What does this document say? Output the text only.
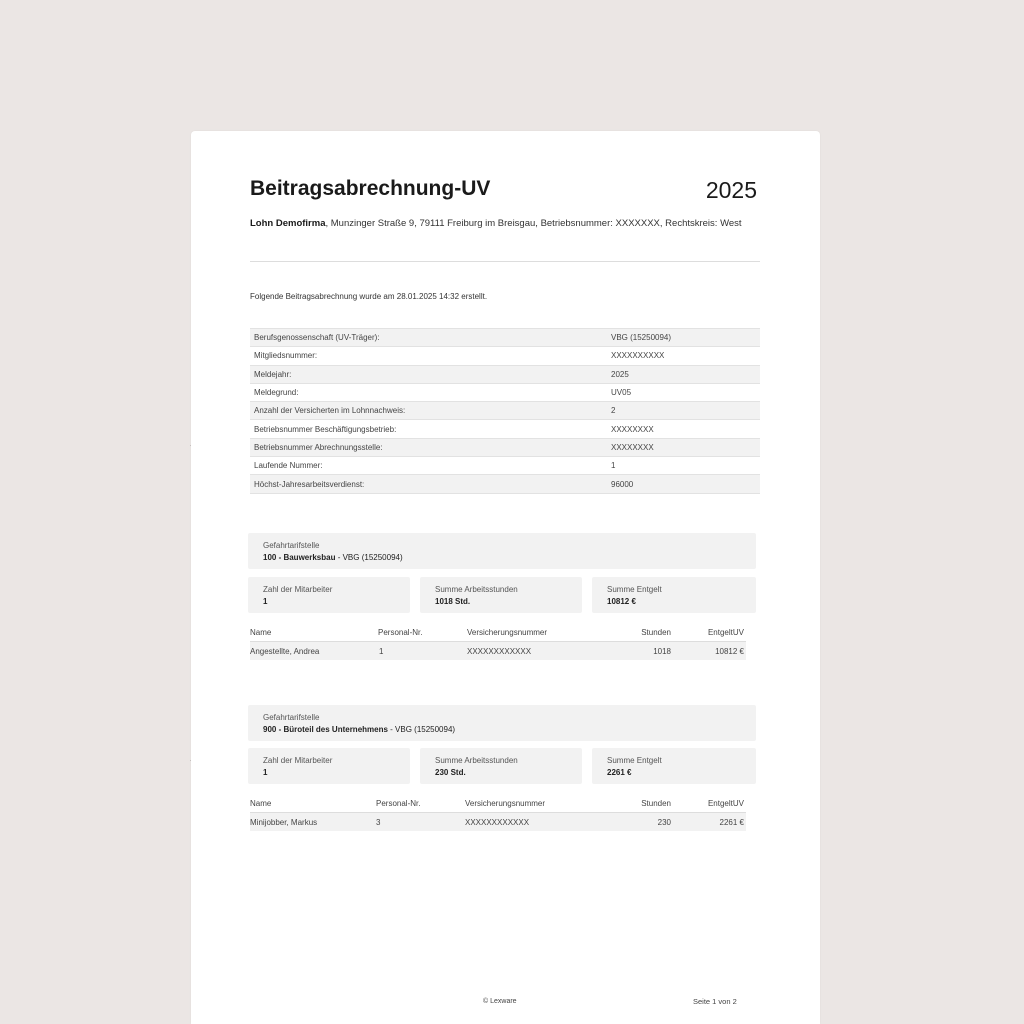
Beitragsabrechnung-UV	2025
Lohn Demofirma, Munzinger Straße 9, 79111 Freiburg im Breisgau, Betriebsnummer: XXXXXXX, Rechtskreis: West
Folgende Beitragsabrechnung wurde am 28.01.2025 14:32 erstellt.
Berufsgenossenschaft (UV-Träger):	VBG (15250094)
Mitgliedsnummer:	XXXXXXXXXX
Meldejahr:	2025
Meldegrund:	UV05
Anzahl der Versicherten im Lohnnachweis:	2
Betriebsnummer Beschäftigungsbetrieb:	XXXXXXXX
Betriebsnummer Abrechnungsstelle:	XXXXXXXX
Laufende Nummer:	1
Höchst-Jahresarbeitsverdienst:	96000
Gefahrtarifstelle
100 - Bauwerksbau - VBG (15250094)
Zahl der Mitarbeiter
1
Summe Arbeitsstunden
1018 Std.
Summe Entgelt
10812 €
Name	Personal-Nr.	Versicherungsnummer	Stunden	EntgeltUV
Angestellte, Andrea	1	XXXXXXXXXXXX	1018	10812 €
Gefahrtarifstelle
900 - Büroteil des Unternehmens - VBG (15250094)
Zahl der Mitarbeiter
1
Summe Arbeitsstunden
230 Std.
Summe Entgelt
2261 €
Name	Personal-Nr.	Versicherungsnummer	Stunden	EntgeltUV
Minijobber, Markus	3	XXXXXXXXXXXX	230	2261 €
© Lexware	Seite 1 von 2
